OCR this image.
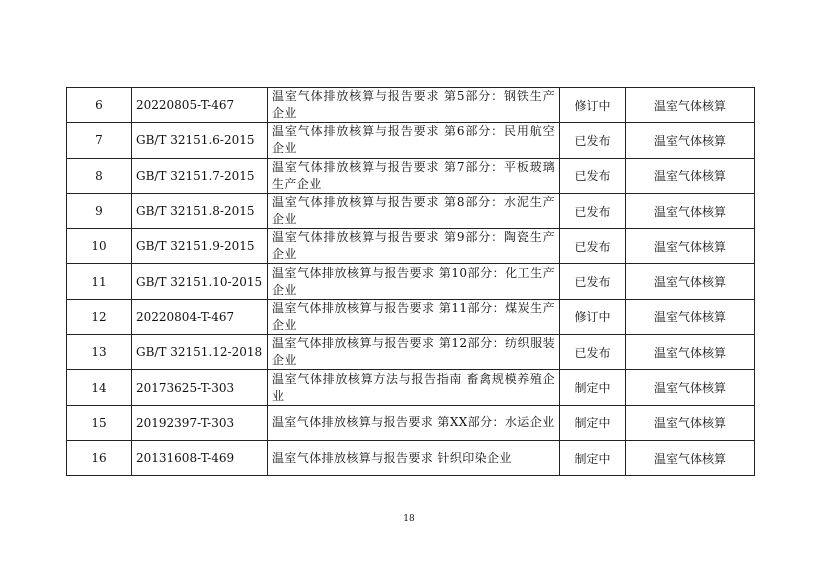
6	20220805-T-467	温室气体排放核算与报告要求 第5部分：钢铁生产企业	修订中	温室气体核算
7	GB/T 32151.6-2015	温室气体排放核算与报告要求 第6部分：民用航空企业	已发布	温室气体核算
8	GB/T 32151.7-2015	温室气体排放核算与报告要求 第7部分：平板玻璃生产企业	已发布	温室气体核算
9	GB/T 32151.8-2015	温室气体排放核算与报告要求 第8部分：水泥生产企业	已发布	温室气体核算
10	GB/T 32151.9-2015	温室气体排放核算与报告要求 第9部分：陶瓷生产企业	已发布	温室气体核算
11	GB/T 32151.10-2015	温室气体排放核算与报告要求 第10部分：化工生产企业	已发布	温室气体核算
12	20220804-T-467	温室气体排放核算与报告要求 第11部分：煤炭生产企业	修订中	温室气体核算
13	GB/T 32151.12-2018	温室气体排放核算与报告要求 第12部分：纺织服装企业	已发布	温室气体核算
14	20173625-T-303	温室气体排放核算方法与报告指南 畜禽规模养殖企业	制定中	温室气体核算
15	20192397-T-303	温室气体排放核算与报告要求 第XX部分：水运企业	制定中	温室气体核算
16	20131608-T-469	温室气体排放核算与报告要求 针织印染企业	制定中	温室气体核算
18
